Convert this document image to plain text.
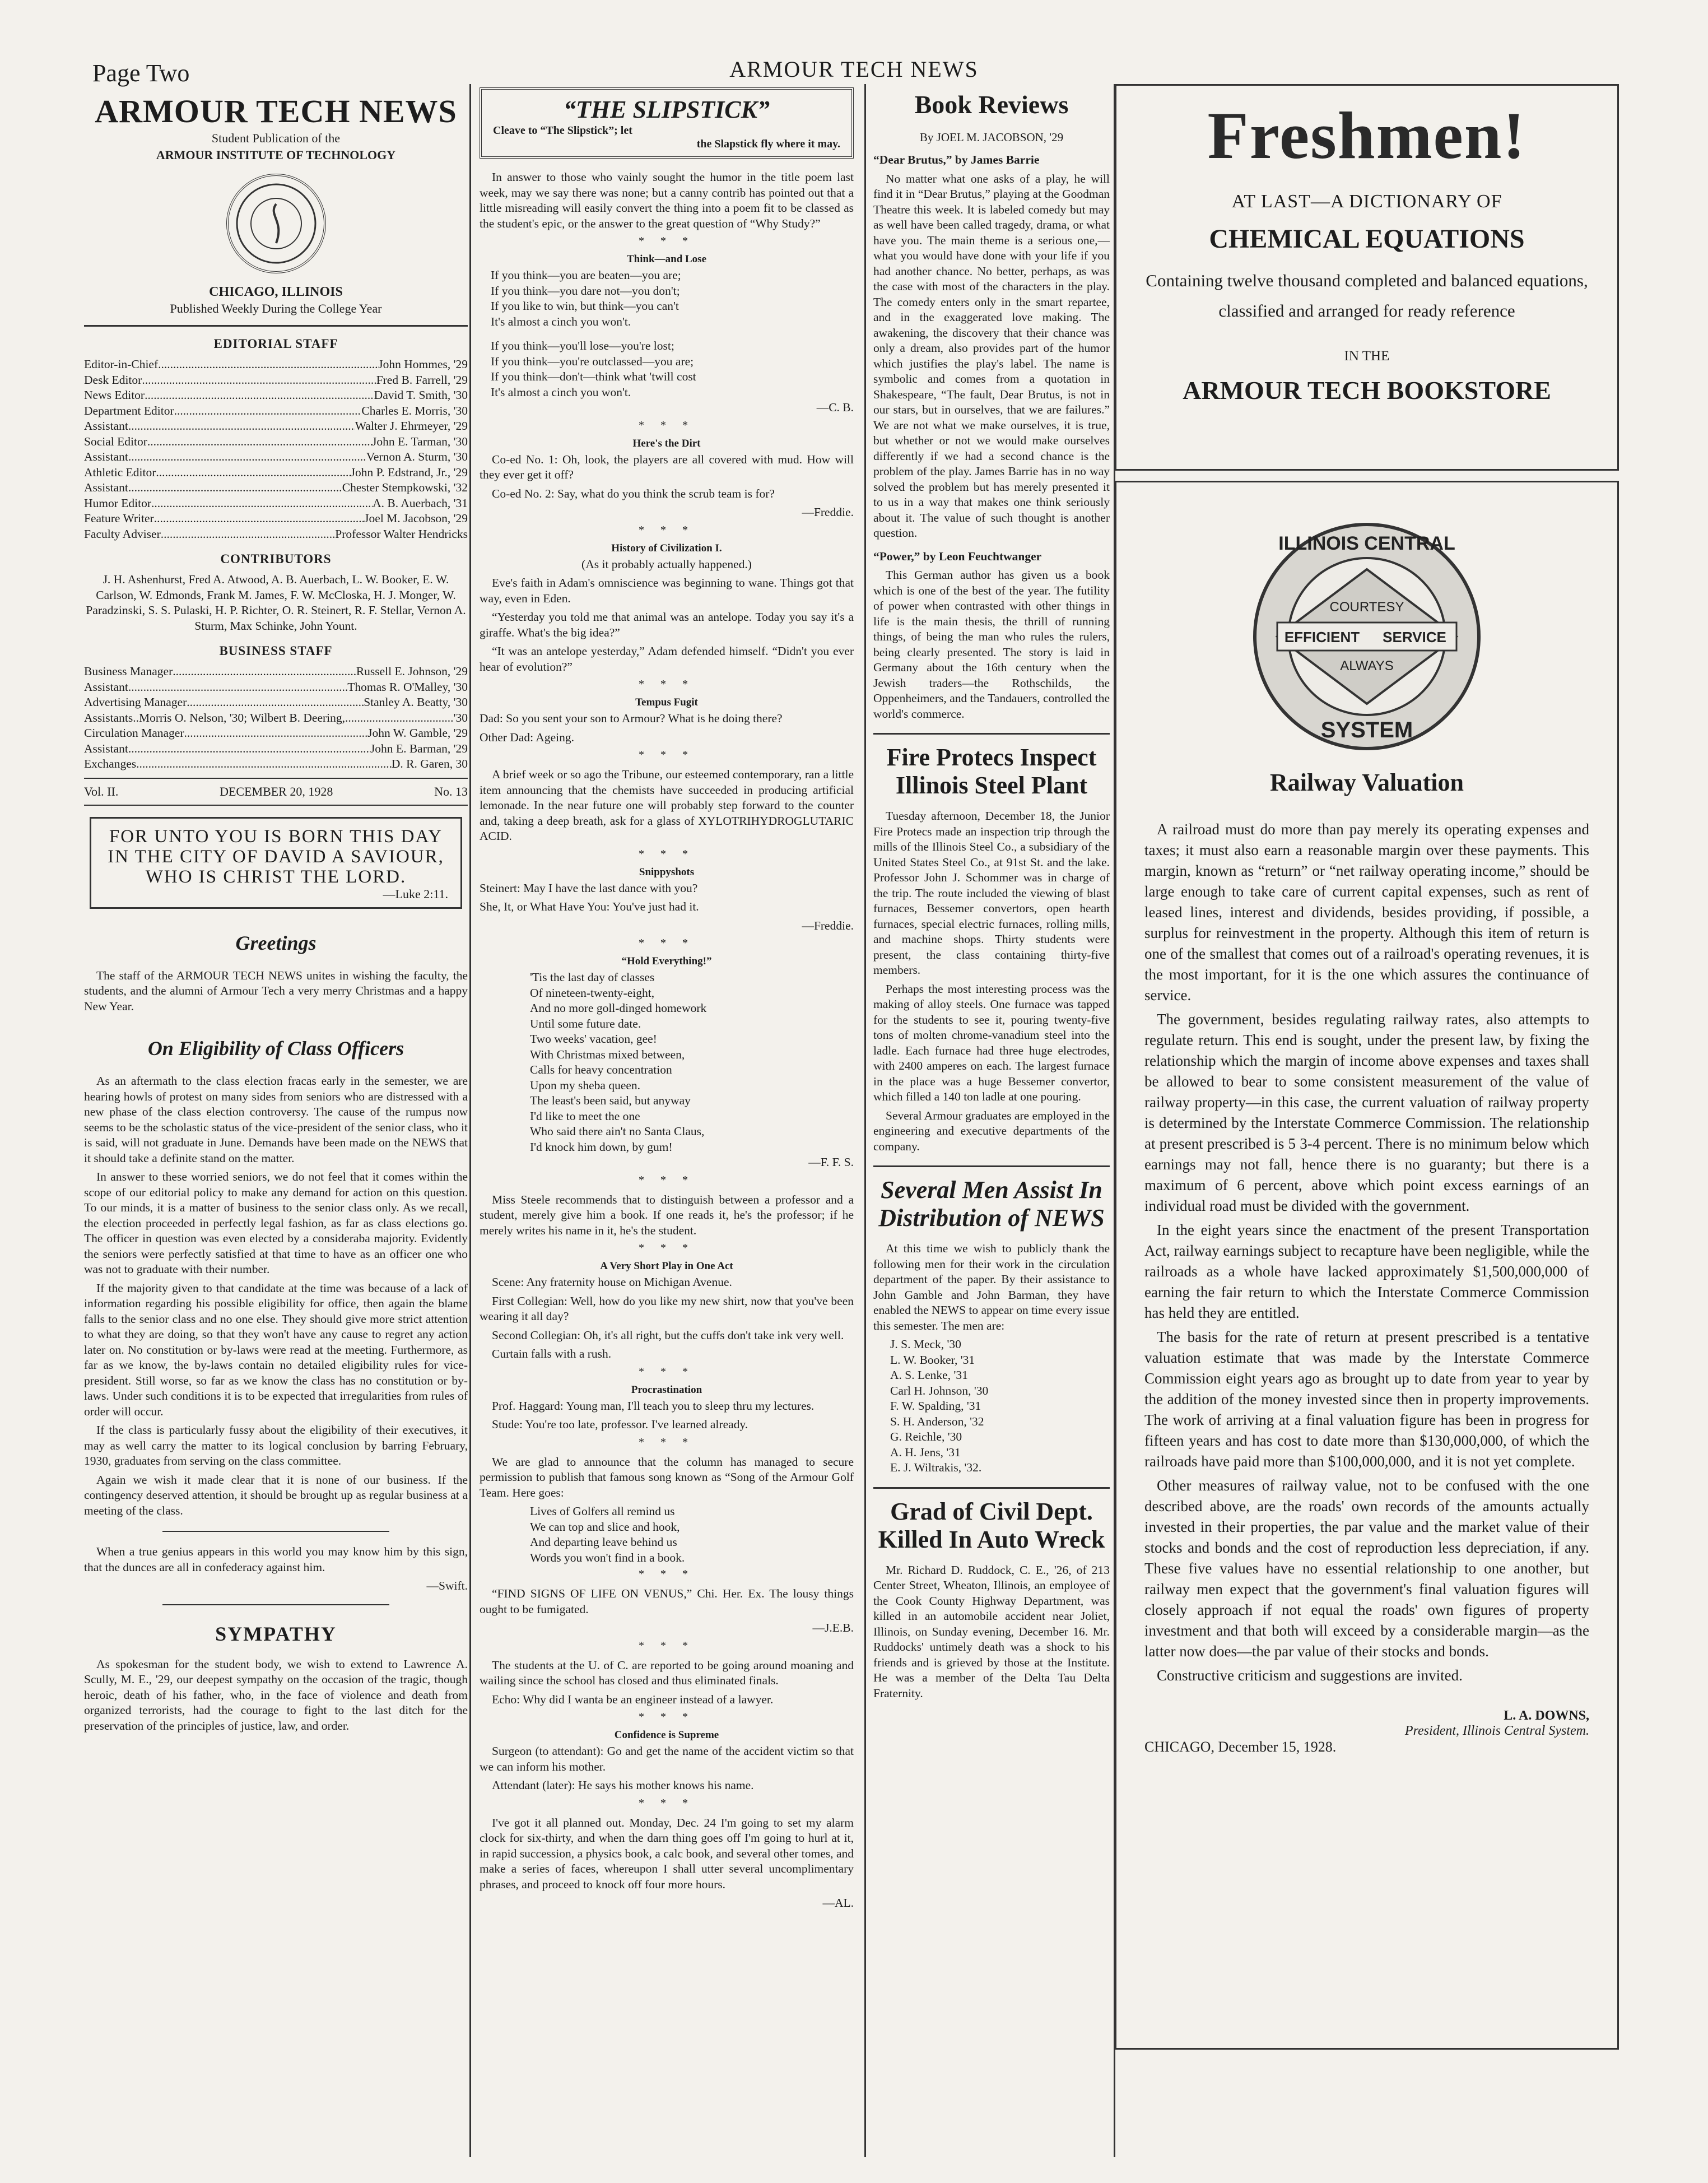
Page Two	ARMOUR TECH NEWS
ARMOUR TECH NEWS
Student Publication of the
ARMOUR INSTITUTE OF TECHNOLOGY
CHICAGO, ILLINOIS
Published Weekly During the College Year
EDITORIAL STAFF
Editor-in-Chief .....	John Hommes, '29
Desk Editor .....	Fred B. Farrell, '29
News Editor .....	David T. Smith, '30
Department Editor .....	Charles E. Morris, '30
Assistant .....	Walter J. Ehrmeyer, '29
Social Editor .....	John E. Tarman, '30
Assistant .....	Vernon A. Sturm, '30
Athletic Editor .....	John P. Edstrand, Jr., '29
Assistant .....	Chester Stempkowski, '32
Humor Editor .....	A. B. Auerbach, '31
Feature Writer .....	Joel M. Jacobson, '29
Faculty Adviser .....	Professor Walter Hendricks
CONTRIBUTORS

J. H. Ashenhurst, Fred A. Atwood, A. B. Auerbach, L. W. Booker, E. W. Carlson, W. Edmonds, Frank M. James, F. W. McCloska, H. J. Monger, W. Paradzinski, S. S. Pulaski, H. P. Richter, O. R. Steinert, R. F. Stellar, Vernon A. Sturm, Max Schinke, John Yount.

BUSINESS STAFF
Business Manager .....	Russell E. Johnson, '29
Assistant .....	Thomas R. O'Malley, '30
Advertising Manager .....	Stanley A. Beatty, '30
Assistants..Morris O. Nelson, '30; Wilbert B. Deering, .....	'30
Circulation Manager .....	John W. Gamble, '29
Assistant .....	John E. Barman, '29
Exchanges .....	D. R. Garen, 30
Vol. II.	DECEMBER 20, 1928	No. 13
FOR UNTO YOU IS BORN THIS DAY IN THE CITY OF DAVID A SAVIOUR, WHO IS CHRIST THE LORD.
—Luke 2:11.
Greetings

The staff of the ARMOUR TECH NEWS unites in wishing the faculty, the students, and the alumni of Armour Tech a very merry Christmas and a happy New Year.

On Eligibility of Class Officers

As an aftermath to the class election fracas early in the semester, we are hearing howls of protest on many sides from seniors who are distressed with a new phase of the class election controversy. The cause of the rumpus now seems to be the scholastic status of the vice-president of the senior class, who it is said, will not graduate in June. Demands have been made on the NEWS that it should take a definite stand on the matter.

In answer to these worried seniors, we do not feel that it comes within the scope of our editorial policy to make any demand for action on this question. To our minds, it is a matter of business to the senior class only. As we recall, the election proceeded in perfectly legal fashion, as far as class elections go. The officer in question was even elected by a consideraba majority. Evidently the seniors were perfectly satisfied at that time to have as an officer one who was not to graduate with their number.

If the majority given to that candidate at the time was because of a lack of information regarding his possible eligibility for office, then again the blame falls to the senior class and no one else. They should give more strict attention to what they are doing, so that they won't have any cause to regret any action later on. No constitution or by-laws were read at the meeting. Furthermore, as far as we know, the by-laws contain no detailed eligibility rules for vice-president. Still worse, so far as we know the class has no constitution or by-laws. Under such conditions it is to be expected that irregularities from rules of order will occur.

If the class is particularly fussy about the eligibility of their executives, it may as well carry the matter to its logical conclusion by barring February, 1930, graduates from serving on the class committee.

Again we wish it made clear that it is none of our business. If the contingency deserved attention, it should be brought up as regular business at a meeting of the class.

When a true genius appears in this world you may know him by this sign, that the dunces are all in confederacy against him.

—Swift.

SYMPATHY

As spokesman for the student body, we wish to extend to Lawrence A. Scully, M. E., '29, our deepest sympathy on the occasion of the tragic, though heroic, death of his father, who, in the face of violence and death from organized terrorists, had the courage to fight to the last ditch for the preservation of the principles of justice, law, and order.

“THE SLIPSTICK”
Cleave to “The Slipstick”; let
the Slapstick fly where it may.

In answer to those who vainly sought the humor in the title poem last week, may we say there was none; but a canny contrib has pointed out that a little misreading will easily convert the thing into a poem fit to be classed as the student's epic, or the answer to the great question of “Why Study?”

* * *
Think—and Lose
If you think—you are beaten—you are;
If you think—you dare not—you don't;
If you like to win, but think—you can't
It's almost a cinch you won't.
If you think—you'll lose—you're lost;
If you think—you're outclassed—you are;
If you think—don't—think what 'twill cost
It's almost a cinch you won't.

—C. B.

* * *
Here's the Dirt

Co-ed No. 1: Oh, look, the players are all covered with mud. How will they ever get it off?

Co-ed No. 2: Say, what do you think the scrub team is for?

—Freddie.

* * *
History of Civilization I.

(As it probably actually happened.)

Eve's faith in Adam's omniscience was beginning to wane. Things got that way, even in Eden.

“Yesterday you told me that animal was an antelope. Today you say it's a giraffe. What's the big idea?”

“It was an antelope yesterday,” Adam defended himself. “Didn't you ever hear of evolution?”

* * *
Tempus Fugit

Dad: So you sent your son to Armour? What is he doing there?

Other Dad: Ageing.

* * *

A brief week or so ago the Tribune, our esteemed contemporary, ran a little item announcing that the chemists have succeeded in producing artificial lemonade. In the near future one will probably step forward to the counter and, taking a deep breath, ask for a glass of XYLOTRIHYDROGLUTARIC ACID.

* * *
Snippyshots

Steinert: May I have the last dance with you?

She, It, or What Have You: You've just had it.

—Freddie.

* * *
“Hold Everything!”
'Tis the last day of classes
Of nineteen-twenty-eight,
And no more goll-dinged homework
Until some future date.
Two weeks' vacation, gee!
With Christmas mixed between,
Calls for heavy concentration
Upon my sheba queen.
The least's been said, but anyway
I'd like to meet the one
Who said there ain't no Santa Claus,
I'd knock him down, by gum!

—F. F. S.

* * *

Miss Steele recommends that to distinguish between a professor and a student, merely give him a book. If one reads it, he's the professor; if he merely writes his name in it, he's the student.

* * *
A Very Short Play in One Act

Scene: Any fraternity house on Michigan Avenue.

First Collegian: Well, how do you like my new shirt, now that you've been wearing it all day?

Second Collegian: Oh, it's all right, but the cuffs don't take ink very well.

Curtain falls with a rush.

* * *
Procrastination

Prof. Haggard: Young man, I'll teach you to sleep thru my lectures.

Stude: You're too late, professor. I've learned already.

* * *

We are glad to announce that the column has managed to secure permission to publish that famous song known as “Song of the Armour Golf Team. Here goes:

Lives of Golfers all remind us
We can top and slice and hook,
And departing leave behind us
Words you won't find in a book.
* * *

“FIND SIGNS OF LIFE ON VENUS,” Chi. Her. Ex. The lousy things ought to be fumigated.

—J.E.B.

* * *

The students at the U. of C. are reported to be going around moaning and wailing since the school has closed and thus eliminated finals.

Echo: Why did I wanta be an engineer instead of a lawyer.

* * *
Confidence is Supreme

Surgeon (to attendant): Go and get the name of the accident victim so that we can inform his mother.

Attendant (later): He says his mother knows his name.

* * *

I've got it all planned out. Monday, Dec. 24 I'm going to set my alarm clock for six-thirty, and when the darn thing goes off I'm going to hurl at it, in rapid succession, a physics book, a calc book, and several other tomes, and make a series of faces, whereupon I shall utter several uncomplimentary phrases, and proceed to knock off four more hours.

—AL.

Book Reviews
By JOEL M. JACOBSON, '29

“Dear Brutus,” by James Barrie

No matter what one asks of a play, he will find it in “Dear Brutus,” playing at the Goodman Theatre this week. It is labeled comedy but may as well have been called tragedy, drama, or what have you. The main theme is a serious one,—what you would have done with your life if you had another chance. No better, perhaps, as was the case with most of the characters in the play. The comedy enters only in the smart repartee, and in the exaggerated love making. The awakening, the discovery that their chance was only a dream, also provides part of the humor which justifies the play's label. The name is symbolic and comes from a quotation in Shakespeare, “The fault, Dear Brutus, is not in our stars, but in ourselves, that we are failures.” We are not what we make ourselves, it is true, but whether or not we would make ourselves differently if we had a second chance is the problem of the play. James Barrie has in no way solved the problem but has merely presented it to us in a way that makes one think seriously about it. The value of such thought is another question.

“Power,” by Leon Feuchtwanger

This German author has given us a book which is one of the best of the year. The futility of power when contrasted with other things in life is the main thesis, the thrill of running things, of being the man who rules the rulers, being clearly presented. The story is laid in Germany about the 16th century when the Jewish traders—the Rothschilds, the Oppenheimers, and the Tandauers, controlled the world's commerce.

Fire Protecs Inspect Illinois Steel Plant

Tuesday afternoon, December 18, the Junior Fire Protecs made an inspection trip through the mills of the Illinois Steel Co., a subsidiary of the United States Steel Co., at 91st St. and the lake. Professor John J. Schommer was in charge of the trip. The route included the viewing of blast furnaces, Bessemer convertors, open hearth furnaces, special electric furnaces, rolling mills, and machine shops. Thirty students were present, the class containing thirty-five members.

Perhaps the most interesting process was the making of alloy steels. One furnace was tapped for the students to see it, pouring twenty-five tons of molten chrome-vanadium steel into the ladle. Each furnace had three huge electrodes, with 2400 amperes on each. The largest furnace in the place was a huge Bessemer convertor, which filled a 140 ton ladle at one pouring.

Several Armour graduates are employed in the engineering and executive departments of the company.

Several Men Assist In Distribution of NEWS

At this time we wish to publicly thank the following men for their work in the circulation department of the paper. By their assistance to John Gamble and John Barman, they have enabled the NEWS to appear on time every issue this semester. The men are:

J. S. Meck, '30
L. W. Booker, '31
A. S. Lenke, '31
Carl H. Johnson, '30
F. W. Spalding, '31
S. H. Anderson, '32
G. Reichle, '30
A. H. Jens, '31
E. J. Wiltrakis, '32.
Grad of Civil Dept. Killed In Auto Wreck

Mr. Richard D. Ruddock, C. E., '26, of 213 Center Street, Wheaton, Illinois, an employee of the Cook County Highway Department, was killed in an automobile accident near Joliet, Illinois, on Sunday evening, December 16. Mr. Ruddocks' untimely death was a shock to his friends and is grieved by those at the Institute. He was a member of the Delta Tau Delta Fraternity.

Freshmen!
AT LAST—A DICTIONARY OF
CHEMICAL EQUATIONS
Containing twelve thousand completed and balanced equations, classified and arranged for ready reference
IN THE
ARMOUR TECH BOOKSTORE
ILLINOIS CENTRAL
COURTESY
EFFICIENT SERVICE
ALWAYS
SYSTEM
Railway Valuation

A railroad must do more than pay merely its operating expenses and taxes; it must also earn a reasonable margin over these payments. This margin, known as “return” or “net railway operating income,” should be large enough to take care of current capital expenses, such as rent of leased lines, interest and dividends, besides providing, if possible, a surplus for reinvestment in the property. Although this item of return is one of the smallest that comes out of a railroad's operating revenues, it is the most important, for it is the one which assures the continuance of service.

The government, besides regulating railway rates, also attempts to regulate return. This end is sought, under the present law, by fixing the relationship which the margin of income above expenses and taxes shall be allowed to bear to some consistent measurement of the value of railway property—in this case, the current valuation of railway property is determined by the Interstate Commerce Commission. The relationship at present prescribed is 5 3-4 percent. There is no minimum below which earnings may not fall, hence there is no guaranty; but there is a maximum of 6 percent, above which point excess earnings of an individual road must be divided with the government.

In the eight years since the enactment of the present Transportation Act, railway earnings subject to recapture have been negligible, while the railroads as a whole have lacked approximately $1,500,000,000 of earning the fair return to which the Interstate Commerce Commission has held they are entitled.

The basis for the rate of return at present prescribed is a tentative valuation estimate that was made by the Interstate Commerce Commission eight years ago as brought up to date from year to year by the addition of the money invested since then in property improvements. The work of arriving at a final valuation figure has been in progress for fifteen years and has cost to date more than $130,000,000, of which the railroads have paid more than $100,000,000, and it is not yet complete.

Other measures of railway value, not to be confused with the one described above, are the roads' own records of the amounts actually invested in their properties, the par value and the market value of their stocks and bonds and the cost of reproduction less depreciation, if any. These five values have no essential relationship to one another, but railway men expect that the government's final valuation figures will closely approach if not equal the roads' own figures of property investment and that both will exceed by a considerable margin—as the latter now does—the par value of their stocks and bonds.

Constructive criticism and suggestions are invited.

L. A. DOWNS,
President, Illinois Central System.
CHICAGO, December 15, 1928.
